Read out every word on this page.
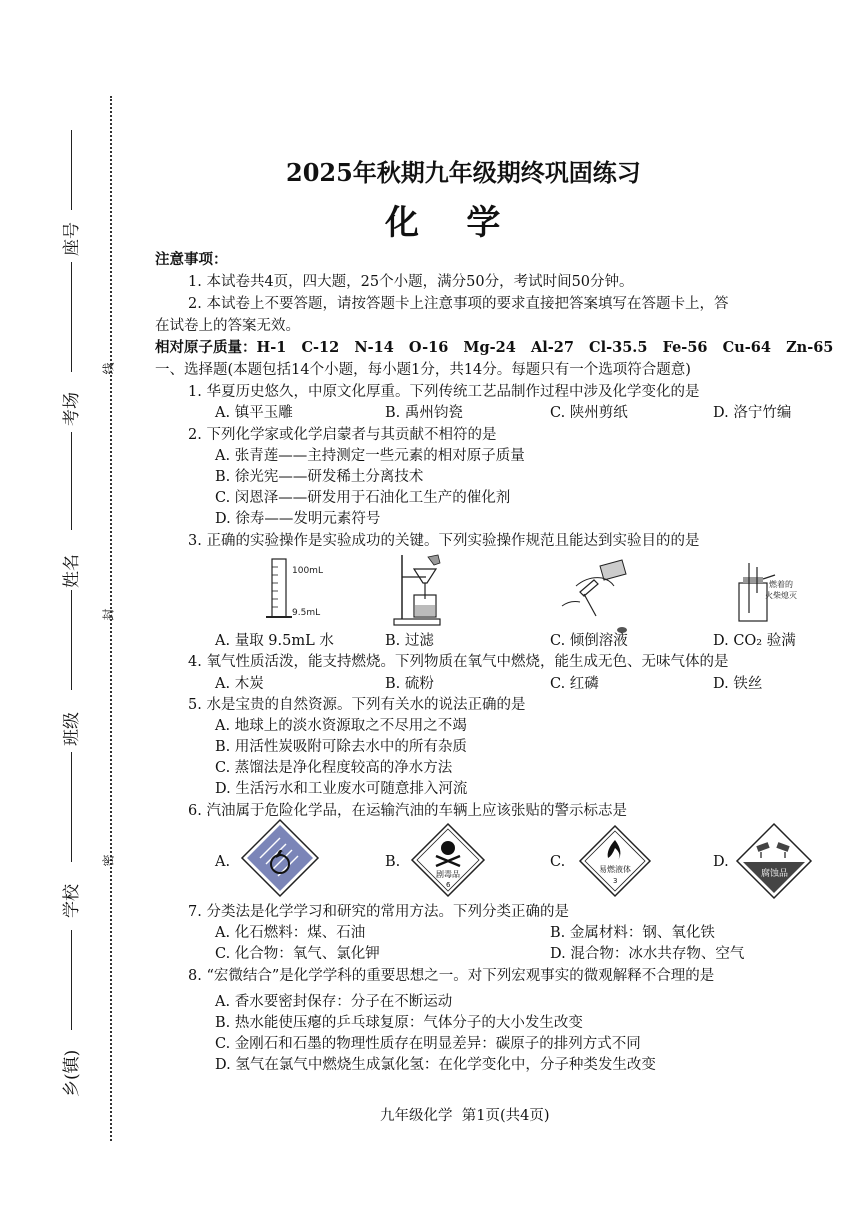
座号
考场
姓名
班级
学校
乡(镇)
线
封
密
2025年秋期九年级期终巩固练习
化    学
注意事项：
1. 本试卷共4页，四大题，25个小题，满分50分，考试时间50分钟。
2. 本试卷上不要答题，请按答题卡上注意事项的要求直接把答案填写在答题卡上，答
在试卷上的答案无效。
相对原子质量：H-1   C-12   N-14   O-16   Mg-24   Al-27   Cl-35.5   Fe-56   Cu-64   Zn-65
一、选择题(本题包括14个小题，每小题1分，共14分。每题只有一个选项符合题意)
1. 华夏历史悠久，中原文化厚重。下列传统工艺品制作过程中涉及化学变化的是
A. 镇平玉雕	B. 禹州钧瓷	C. 陕州剪纸	D. 洛宁竹编
2. 下列化学家或化学启蒙者与其贡献不相符的是
A. 张青莲——主持测定一些元素的相对原子质量
B. 徐光宪——研发稀土分离技术
C. 闵恩泽——研发用于石油化工生产的催化剂
D. 徐寿——发明元素符号
3. 正确的实验操作是实验成功的关键。下列实验操作规范且能达到实验目的的是
100mL
9.5mL
燃着的
火柴熄灭
A. 量取 9.5mL 水	B. 过滤	C. 倾倒溶液	D. CO₂ 验满
4. 氧气性质活泼，能支持燃烧。下列物质在氧气中燃烧，能生成无色、无味气体的是
A. 木炭	B. 硫粉	C. 红磷	D. 铁丝
5. 水是宝贵的自然资源。下列有关水的说法正确的是
A. 地球上的淡水资源取之不尽用之不竭
B. 用活性炭吸附可除去水中的所有杂质
C. 蒸馏法是净化程度较高的净水方法
D. 生活污水和工业废水可随意排入河流
6. 汽油属于危险化学品，在运输汽油的车辆上应该张贴的警示标志是
A.	B.
剧毒品
6
C.	易燃液体
3
D.
腐蚀品
7. 分类法是化学学习和研究的常用方法。下列分类正确的是
A. 化石燃料：煤、石油	B. 金属材料：钢、氧化铁
C. 化合物：氧气、氯化钾	D. 混合物：冰水共存物、空气
8. “宏微结合”是化学学科的重要思想之一。对下列宏观事实的微观解释不合理的是
A. 香水要密封保存：分子在不断运动
B. 热水能使压瘪的乒乓球复原：气体分子的大小发生改变
C. 金刚石和石墨的物理性质存在明显差异：碳原子的排列方式不同
D. 氢气在氯气中燃烧生成氯化氢：在化学变化中，分子种类发生改变
九年级化学  第1页(共4页)
